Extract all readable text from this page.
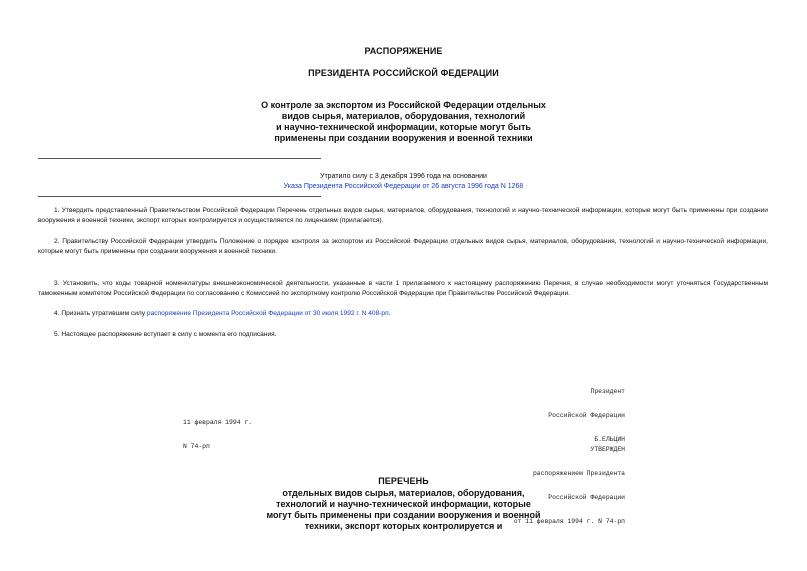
РАСПОРЯЖЕНИЕ
ПРЕЗИДЕНТА РОССИЙСКОЙ ФЕДЕРАЦИИ
О контроле за экспортом из Российской Федерации отдельных
видов сырья, материалов, оборудования, технологий
и научно-технической информации, которые могут быть
применены при создании вооружения и военной техники
Утратило силу с 3 декабря 1996 года на основании
Указа Президента Российской Федерации от 26 августа 1996 года N 1268
1. Утвердить представленный Правительством Российской Федерации Перечень отдельных видов сырья, материалов, оборудования, технологий и научно-технической информации, которые могут быть применены при создании вооружения и военной техники, экспорт которых контролируется и осуществляется по лицензиям (прилагается).
2. Правительству Российской Федерации утвердить Положение о порядке контроля за экспортом из Российской Федерации отдельных видов сырья, материалов, оборудования, технологий и научно-технической информации, которые могут быть применены при создании вооружения и военной техники.
3. Установить, что коды товарной номенклатуры внешнеэкономической деятельности, указанные в части 1 прилагаемого к настоящему распоряжению Перечня, в случае необходимости могут уточняться Государственным таможенным комитетом Российской Федерации по согласованию с Комиссией по экспортному контролю Российской Федерации при Правительстве Российской Федерации.
4. Признать утратившим силу распоряжение Президента Российской Федерации от 30 июля 1992 г. N 408-рп.
5. Настоящее распоряжение вступает в силу с момента его подписания.

Президент

Российской Федерации

Б.ЕЛЬЦИН

11 февраля 1994 г.

N 74-рп

	УТВЕРЖДЕН

распоряжением Президента

Российской Федерации

от 11 февраля 1994 г. N 74-рп

ПЕРЕЧЕНЬ
отдельных видов сырья, материалов, оборудования,
технологий и научно-технической информации, которые
могут быть применены при создании вооружения и военной
техники, экспорт которых контролируется и
